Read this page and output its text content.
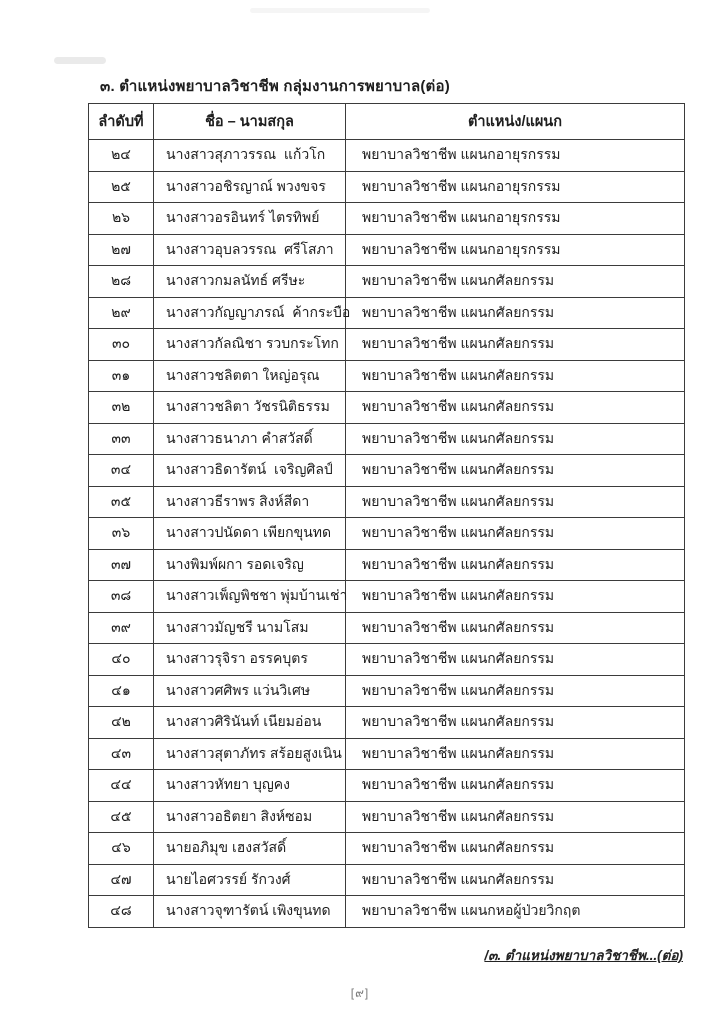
๓. ตำแหน่งพยาบาลวิชาชีพ กลุ่มงานการพยาบาล(ต่อ)
ลำดับที่	ชื่อ – นามสกุล	ตำแหน่ง/แผนก
๒๔	นางสาวสุภาวรรณ  แก้วโก	พยาบาลวิชาชีพ แผนกอายุรกรรม
๒๕	นางสาวอชิรญาณ์ พวงขจร	พยาบาลวิชาชีพ แผนกอายุรกรรม
๒๖	นางสาวอรอินทร์ ไตรทิพย์	พยาบาลวิชาชีพ แผนกอายุรกรรม
๒๗	นางสาวอุบลวรรณ  ศรีโสภา	พยาบาลวิชาชีพ แผนกอายุรกรรม
๒๘	นางสาวกมลนัทธ์ ศรีษะ	พยาบาลวิชาชีพ แผนกศัลยกรรม
๒๙	นางสาวกัญญาภรณ์  ค้ากระบือ	พยาบาลวิชาชีพ แผนกศัลยกรรม
๓๐	นางสาวกัลณิชา รวบกระโทก	พยาบาลวิชาชีพ แผนกศัลยกรรม
๓๑	นางสาวชลิตตา ใหญ่อรุณ	พยาบาลวิชาชีพ แผนกศัลยกรรม
๓๒	นางสาวชลิตา วัชรนิติธรรม	พยาบาลวิชาชีพ แผนกศัลยกรรม
๓๓	นางสาวธนาภา คำสวัสดิ์	พยาบาลวิชาชีพ แผนกศัลยกรรม
๓๔	นางสาวธิดารัตน์  เจริญศิลป์	พยาบาลวิชาชีพ แผนกศัลยกรรม
๓๕	นางสาวธีราพร สิงห์สีดา	พยาบาลวิชาชีพ แผนกศัลยกรรม
๓๖	นางสาวปนัดดา เพียกขุนทด	พยาบาลวิชาชีพ แผนกศัลยกรรม
๓๗	นางพิมพ์ผกา รอดเจริญ	พยาบาลวิชาชีพ แผนกศัลยกรรม
๓๘	นางสาวเพ็ญพิชชา พุ่มบ้านเช่า	พยาบาลวิชาชีพ แผนกศัลยกรรม
๓๙	นางสาวมัญชรี นามโสม	พยาบาลวิชาชีพ แผนกศัลยกรรม
๔๐	นางสาวรุจิรา อรรคบุตร	พยาบาลวิชาชีพ แผนกศัลยกรรม
๔๑	นางสาวศศิพร แว่นวิเศษ	พยาบาลวิชาชีพ แผนกศัลยกรรม
๔๒	นางสาวศิรินันท์ เนียมอ่อน	พยาบาลวิชาชีพ แผนกศัลยกรรม
๔๓	นางสาวสุตาภัทร สร้อยสูงเนิน	พยาบาลวิชาชีพ แผนกศัลยกรรม
๔๔	นางสาวหัทยา บุญคง	พยาบาลวิชาชีพ แผนกศัลยกรรม
๔๕	นางสาวอธิตยา สิงห์ซอม	พยาบาลวิชาชีพ แผนกศัลยกรรม
๔๖	นายอภิมุข เฮงสวัสดิ์	พยาบาลวิชาชีพ แผนกศัลยกรรม
๔๗	นายไอศวรรย์ รักวงศ์	พยาบาลวิชาชีพ แผนกศัลยกรรม
๔๘	นางสาวจุฑารัตน์ เพิงขุนทด	พยาบาลวิชาชีพ แผนกหอผู้ป่วยวิกฤต
/๓. ตำแหน่งพยาบาลวิชาชีพ...(ต่อ)
[๙]
